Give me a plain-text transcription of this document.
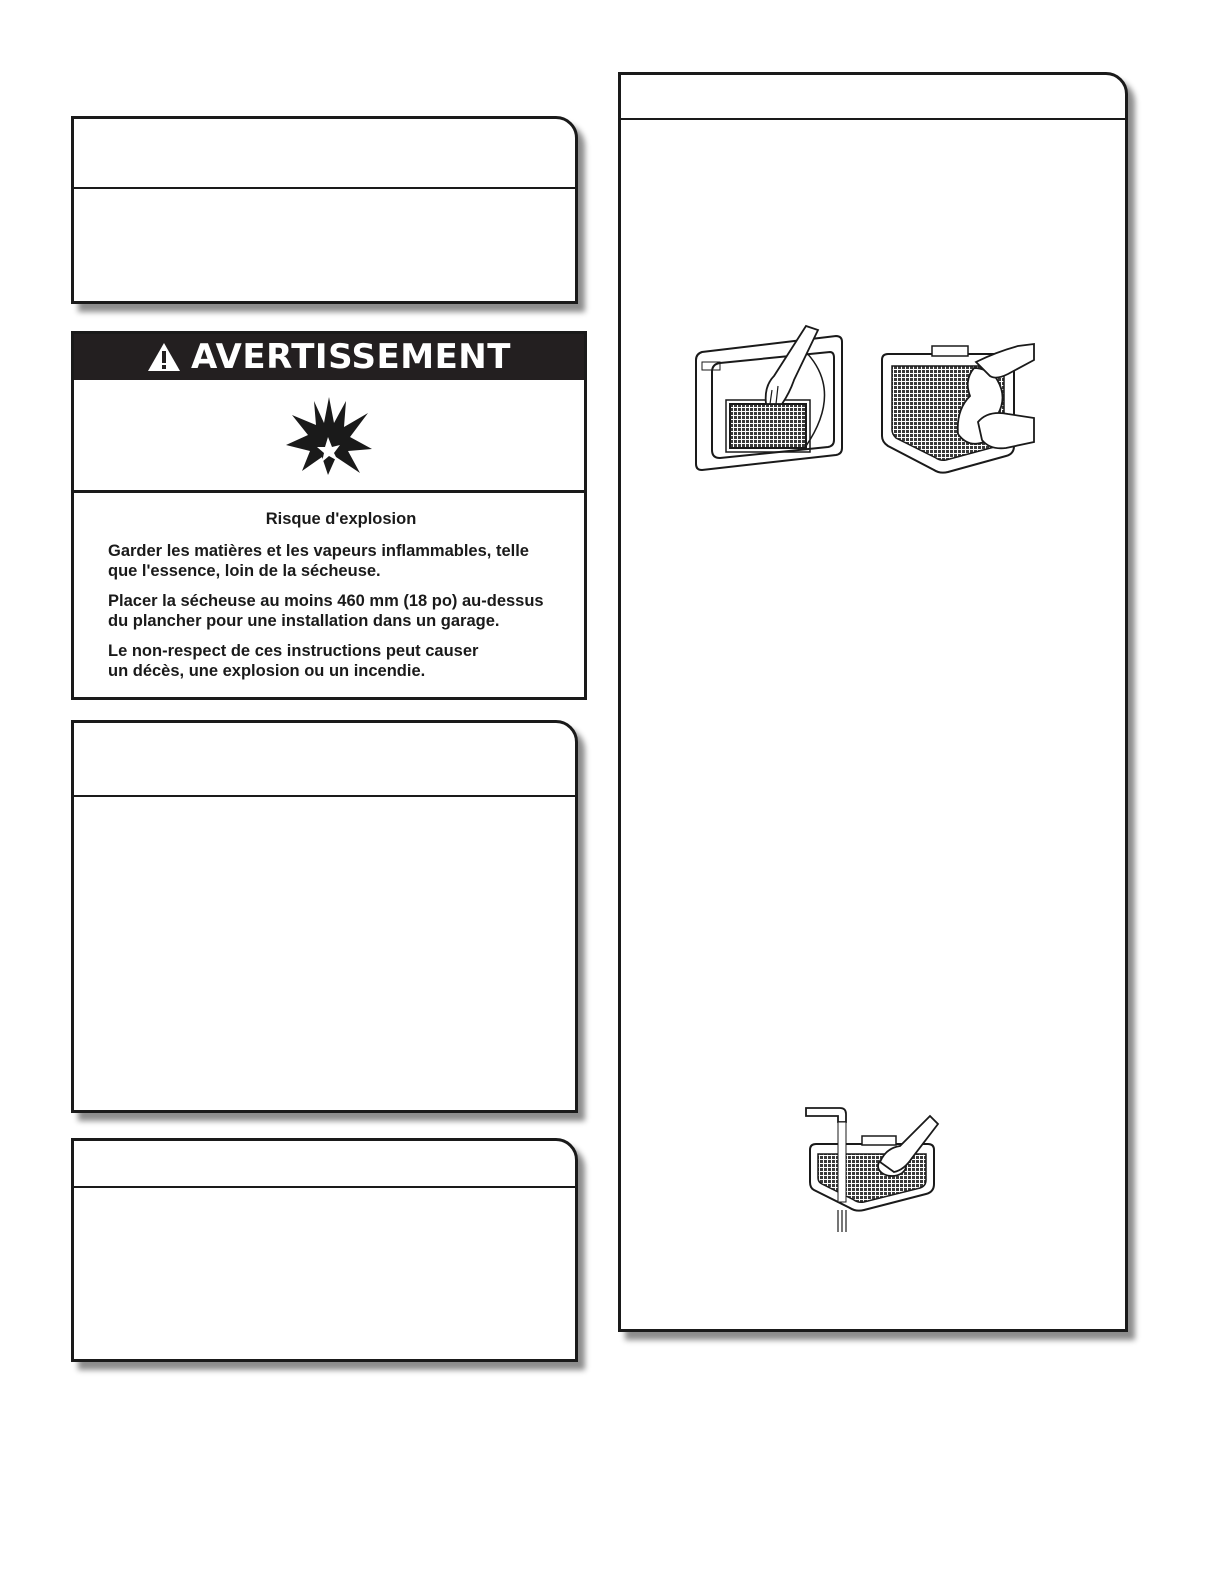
AVERTISSEMENT
Risque d'explosion

Garder les matières et les vapeurs inflammables, telle
que l'essence, loin de la sécheuse.

Placer la sécheuse au moins 460 mm (18 po) au-dessus
du plancher pour une installation dans un garage.

Le non-respect de ces instructions peut causer
un décès, une explosion ou un incendie.
